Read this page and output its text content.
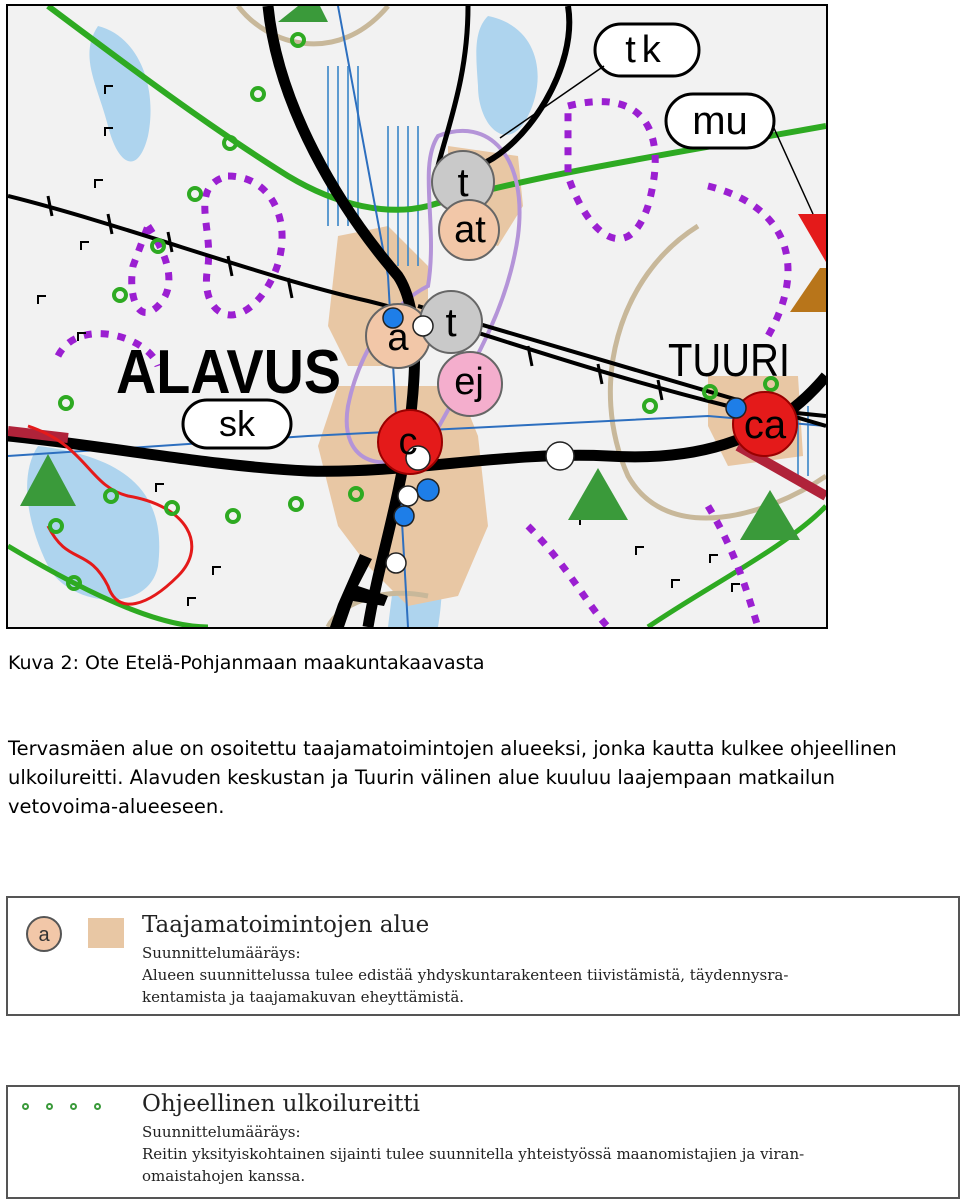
tk
mu
ALAVUS	TUURI
sk
t
at
a t
ej
c	ca
Kuva 2: Ote Etelä-Pohjanmaan maakuntakaavasta
Tervasmäen alue on osoitettu taajamatoimintojen alueeksi, jonka kautta kulkee ohjeellinen ulkoilureitti. Alavuden keskustan ja Tuurin välinen alue kuuluu laajempaan matkailun vetovoima-alueeseen.
a	Taajamatoimintojen alue
Suunnittelumääräys:
Alueen suunnittelussa tulee edistää yhdyskuntarakenteen tiivistämistä, täydennysra-
kentamista ja taajamakuvan eheyttämistä.
Ohjeellinen ulkoilureitti
Suunnittelumääräys:
Reitin yksityiskohtainen sijainti tulee suunnitella yhteistyössä maanomistajien ja viran-
omaistahojen kanssa.
